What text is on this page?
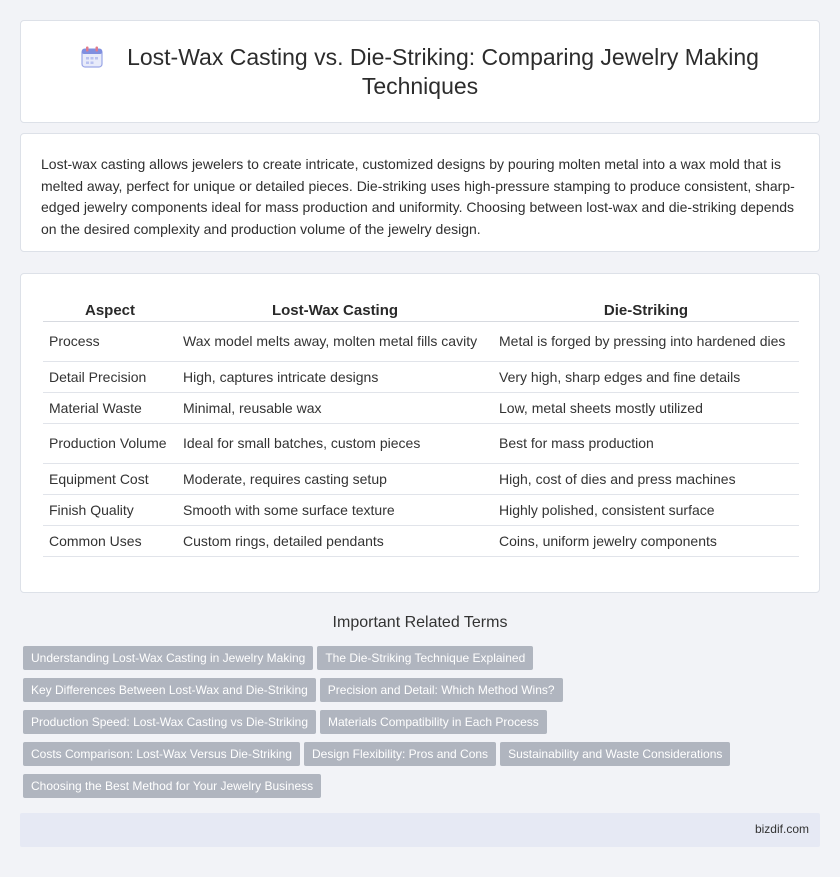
Lost-Wax Casting vs. Die-Striking: Comparing Jewelry Making Techniques

Lost-wax casting allows jewelers to create intricate, customized designs by pouring molten metal into a wax mold that is melted away, perfect for unique or detailed pieces. Die-striking uses high-pressure stamping to produce consistent, sharp-edged jewelry components ideal for mass production and uniformity. Choosing between lost-wax and die-striking depends on the desired complexity and production volume of the jewelry design.

Aspect	Lost-Wax Casting	Die-Striking
Process	Wax model melts away, molten metal fills cavity	Metal is forged by pressing into hardened dies
Detail Precision	High, captures intricate designs	Very high, sharp edges and fine details
Material Waste	Minimal, reusable wax	Low, metal sheets mostly utilized
Production Volume	Ideal for small batches, custom pieces	Best for mass production
Equipment Cost	Moderate, requires casting setup	High, cost of dies and press machines
Finish Quality	Smooth with some surface texture	Highly polished, consistent surface
Common Uses	Custom rings, detailed pendants	Coins, uniform jewelry components
Important Related Terms
Understanding Lost-Wax Casting in Jewelry Making The Die-Striking Technique Explained
Key Differences Between Lost-Wax and Die-Striking Precision and Detail: Which Method Wins?
Production Speed: Lost-Wax Casting vs Die-Striking Materials Compatibility in Each Process
Costs Comparison: Lost-Wax Versus Die-Striking Design Flexibility: Pros and Cons Sustainability and Waste Considerations
Choosing the Best Method for Your Jewelry Business
bizdif.com
